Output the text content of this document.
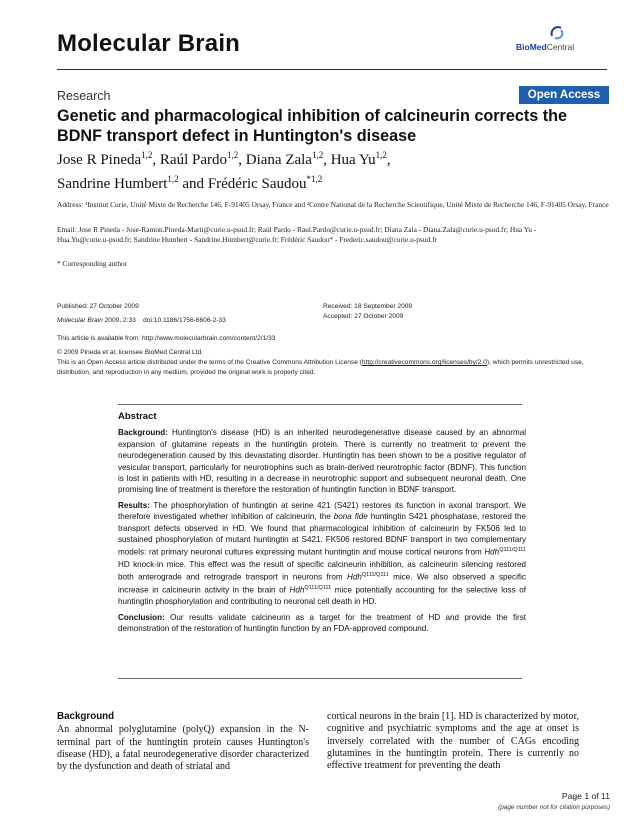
Molecular Brain	BioMedCentral
Research	Open Access
Genetic and pharmacological inhibition of calcineurin corrects the BDNF transport defect in Huntington's disease
Jose R Pineda$^{1,2}$, Raúl Pardo$^{1,2}$, Diana Zala$^{1,2}$, Hua Yu$^{1,2}$,
Sandrine Humbert$^{1,2}$ and Frédéric Saudou$^{*1,2}$
Address: ¹Institut Curie, Unité Mixte de Recherche 146, F-91405 Orsay, France and ²Centre National de la Recherche Scientifique, Unité Mixte de Recherche 146, F-91405 Orsay, France
Email: Jose R Pineda - Jose-Ramon.Pineda-Marti@curie.u-psud.fr; Raúl Pardo - Raul.Pardo@curie.u-psud.fr; Diana Zala - Diana.Zala@curie.u-psud.fr; Hua Yu - Hua.Yu@curie.u-psud.fr; Sandrine Humbert - Sandrine.Humbert@curie.fr; Frédéric Saudou* - Frederic.saudou@curie.u-psud.fr
* Corresponding author
Published: 27 October 2009
Molecular Brain 2009, 2:33 doi:10.1186/1756-6606-2-33
Received: 18 September 2009
Accepted: 27 October 2009
This article is available from: http://www.molecularbrain.com/content/2/1/33
© 2009 Pineda et al; licensee BioMed Central Ltd.
This is an Open Access article distributed under the terms of the Creative Commons Attribution License (http://creativecommons.org/licenses/by/2.0), which permits unrestricted use, distribution, and reproduction in any medium, provided the original work is properly cited.
Abstract

Background: Huntington's disease (HD) is an inherited neurodegenerative disease caused by an abnormal expansion of glutamine repeats in the huntingtin protein. There is currently no treatment to prevent the neurodegeneration caused by this devastating disorder. Huntingtin has been shown to be a positive regulator of vesicular transport, particularly for neurotrophins such as brain-derived neurotrophic factor (BDNF). This function is lost in patients with HD, resulting in a decrease in neurotrophic support and subsequent neuronal death. One promising line of treatment is therefore the restoration of huntingtin function in BDNF transport.

Results: The phosphorylation of huntingtin at serine 421 (S421) restores its function in axonal transport. We therefore investigated whether inhibition of calcineurin, the bona fide huntingtin S421 phosphatase, restored the transport defects observed in HD. We found that pharmacological inhibition of calcineurin by FK506 led to sustained phosphorylation of mutant huntingtin at S421. FK506 restored BDNF transport in two complementary models: rat primary neuronal cultures expressing mutant huntingtin and mouse cortical neurons from Hdh$^{Q111/Q111}$ HD knock-in mice. This effect was the result of specific calcineurin inhibition, as calcineurin silencing restored both anterograde and retrograde transport in neurons from Hdh$^{Q111/Q111}$ mice. We also observed a specific increase in calcineurin activity in the brain of Hdh$^{Q111/Q111}$ mice potentially accounting for the selective loss of huntingtin phosphorylation and contributing to neuronal cell death in HD.

Conclusion: Our results validate calcineurin as a target for the treatment of HD and provide the first demonstration of the restoration of huntingtin function by an FDA-approved compound.

Background

An abnormal polyglutamine (polyQ) expansion in the N-terminal part of the huntingtin protein causes Huntington's disease (HD), a fatal neurodegenerative disorder characterized by the dysfunction and death of striatal and

cortical neurons in the brain [1]. HD is characterized by motor, cognitive and psychiatric symptoms and the age at onset is inversely correlated with the number of CAGs encoding glutamines in the huntingtin protein. There is currently no effective treatment for preventing the death

Page 1 of 11
(page number not for citation purposes)
